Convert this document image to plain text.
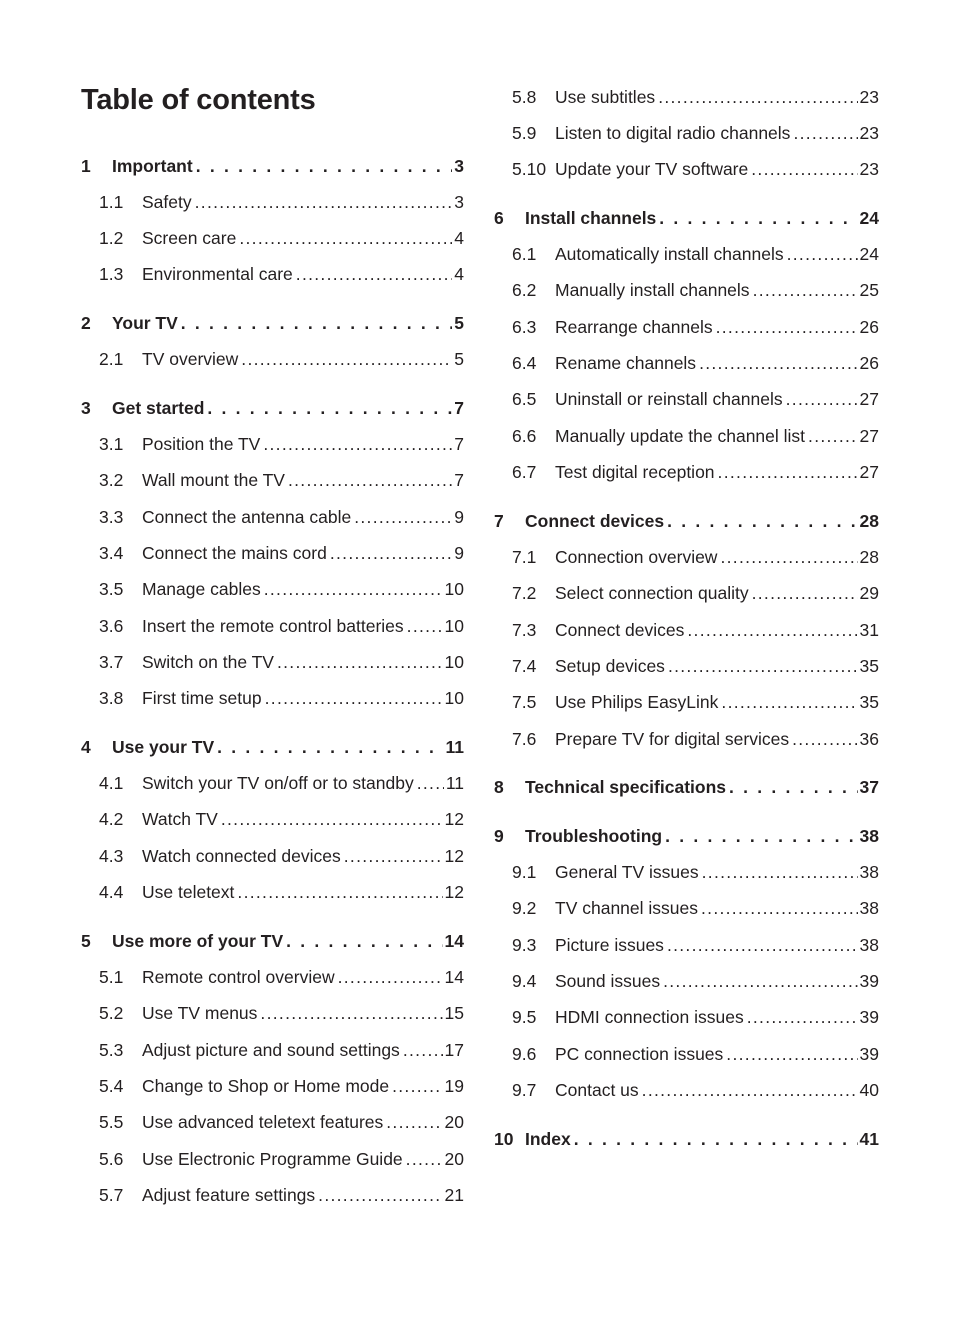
Table of contents
1	Important . . .	3
1.1	Safety .....	3
1.2	Screen care .....	4
1.3	Environmental care .....	4
2	Your TV . . .	5
2.1	TV overview .....	5
3	Get started . . .	7
3.1	Position the TV .....	7
3.2	Wall mount the TV .....	7
3.3	Connect the antenna cable .....	9
3.4	Connect the mains cord .....	9
3.5	Manage cables .....	10
3.6	Insert the remote control batteries ..... 10
3.7	Switch on the TV .....	10
3.8	First time setup .....	10
4	Use your TV . . .	11
4.1	Switch your TV on/off or to standby ..... 11
4.2	Watch TV .....	12
4.3	Watch connected devices .....	12
4.4	Use teletext .....	12
5	Use more of your TV . . .	14
5.1	Remote control overview .....	14
5.2	Use TV menus .....	15
5.3	Adjust picture and sound settings .....	17
5.4	Change to Shop or Home mode .....	19
5.5	Use advanced teletext features .....	20
5.6	Use Electronic Programme Guide ..... 20
5.7	Adjust feature settings .....	21
5.8	Use subtitles .....	23
5.9	Listen to digital radio channels .....	23
5.10 Update your TV software .....	23
6	Install channels . . .	24
6.1	Automatically install channels .....	24
6.2	Manually install channels .....	25
6.3	Rearrange channels .....	26
6.4	Rename channels .....	26
6.5	Uninstall or reinstall channels .....	27
6.6	Manually update the channel list .....	27
6.7	Test digital reception .....	27
7	Connect devices . . .	28
7.1	Connection overview .....	28
7.2	Select connection quality .....	29
7.3	Connect devices .....	31
7.4	Setup devices .....	35
7.5	Use Philips EasyLink .....	35
7.6	Prepare TV for digital services .....	36
8	Technical specifications . . .	37
9	Troubleshooting . . .	38
9.1	General TV issues .....	38
9.2	TV channel issues .....	38
9.3	Picture issues .....	38
9.4	Sound issues .....	39
9.5	HDMI connection issues .....	39
9.6	PC connection issues .....	39
9.7	Contact us .....	40
10 Index . . .	41
